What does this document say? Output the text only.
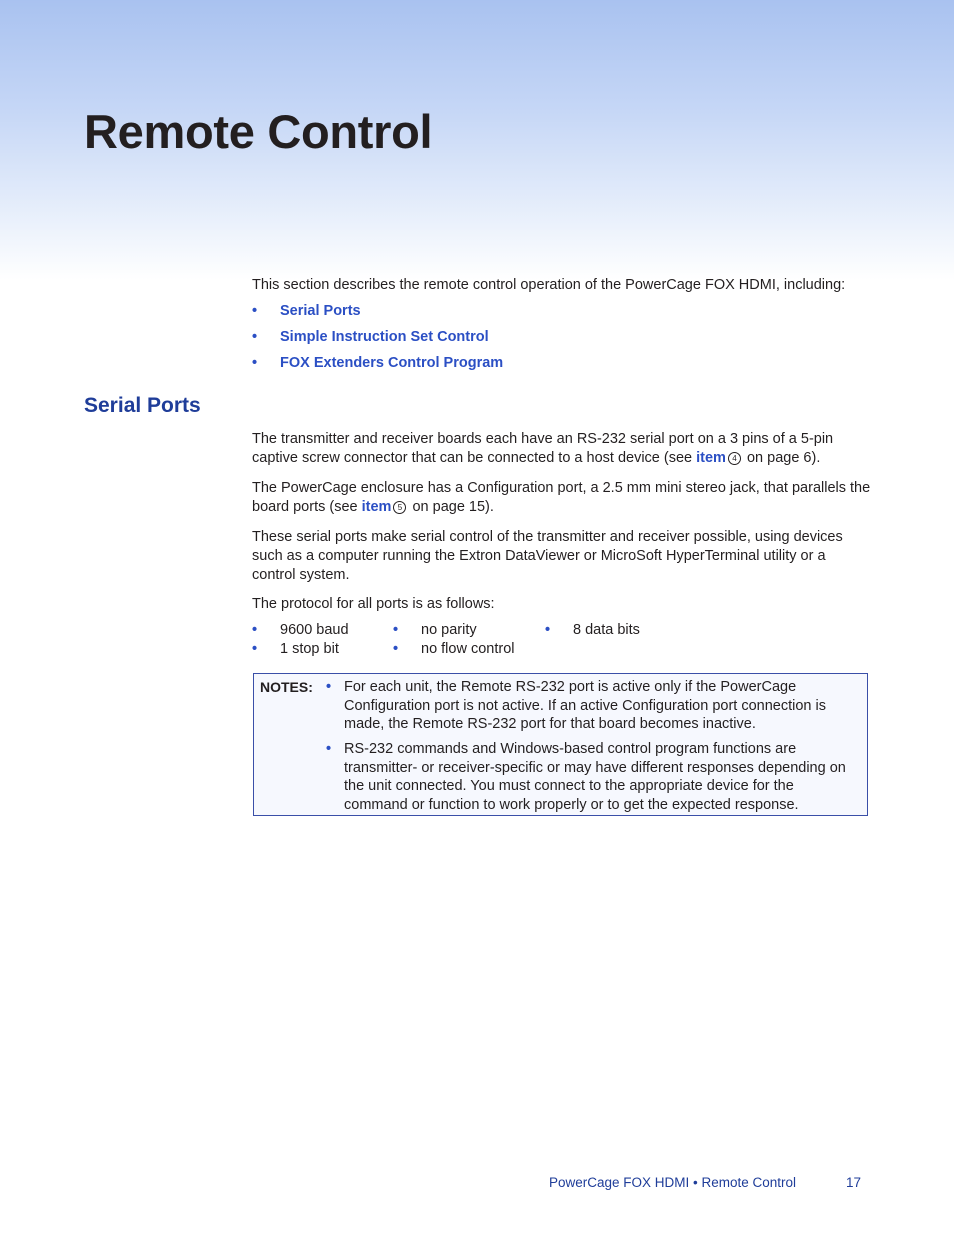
Remote Control

This section describes the remote control operation of the PowerCage FOX HDMI, including:

• Serial Ports
• Simple Instruction Set Control
• FOX Extenders Control Program
Serial Ports

The transmitter and receiver boards each have an RS-232 serial port on a 3 pins of a 5-pin captive screw connector that can be connected to a host device (see item 4 on page 6).

The PowerCage enclosure has a Configuration port, a 2.5 mm mini stereo jack, that parallels the board ports (see item 5 on page 15).

These serial ports make serial control of the transmitter and receiver possible, using devices such as a computer running the Extron DataViewer or MicroSoft HyperTerminal utility or a control system.

The protocol for all ports is as follows:

• 9600 baud
• 1 stop bit
• no parity
• no flow control
• 8 data bits
NOTES: • For each unit, the Remote RS-232 port is active only if the PowerCage Configuration port is not active. If an active Configuration port connection is made, the Remote RS-232 port for that board becomes inactive.
• RS-232 commands and Windows-based control program functions are transmitter- or receiver-specific or may have different responses depending on the unit connected. You must connect to the appropriate device for the command or function to work properly or to get the expected response.
PowerCage FOX HDMI • Remote Control	17
